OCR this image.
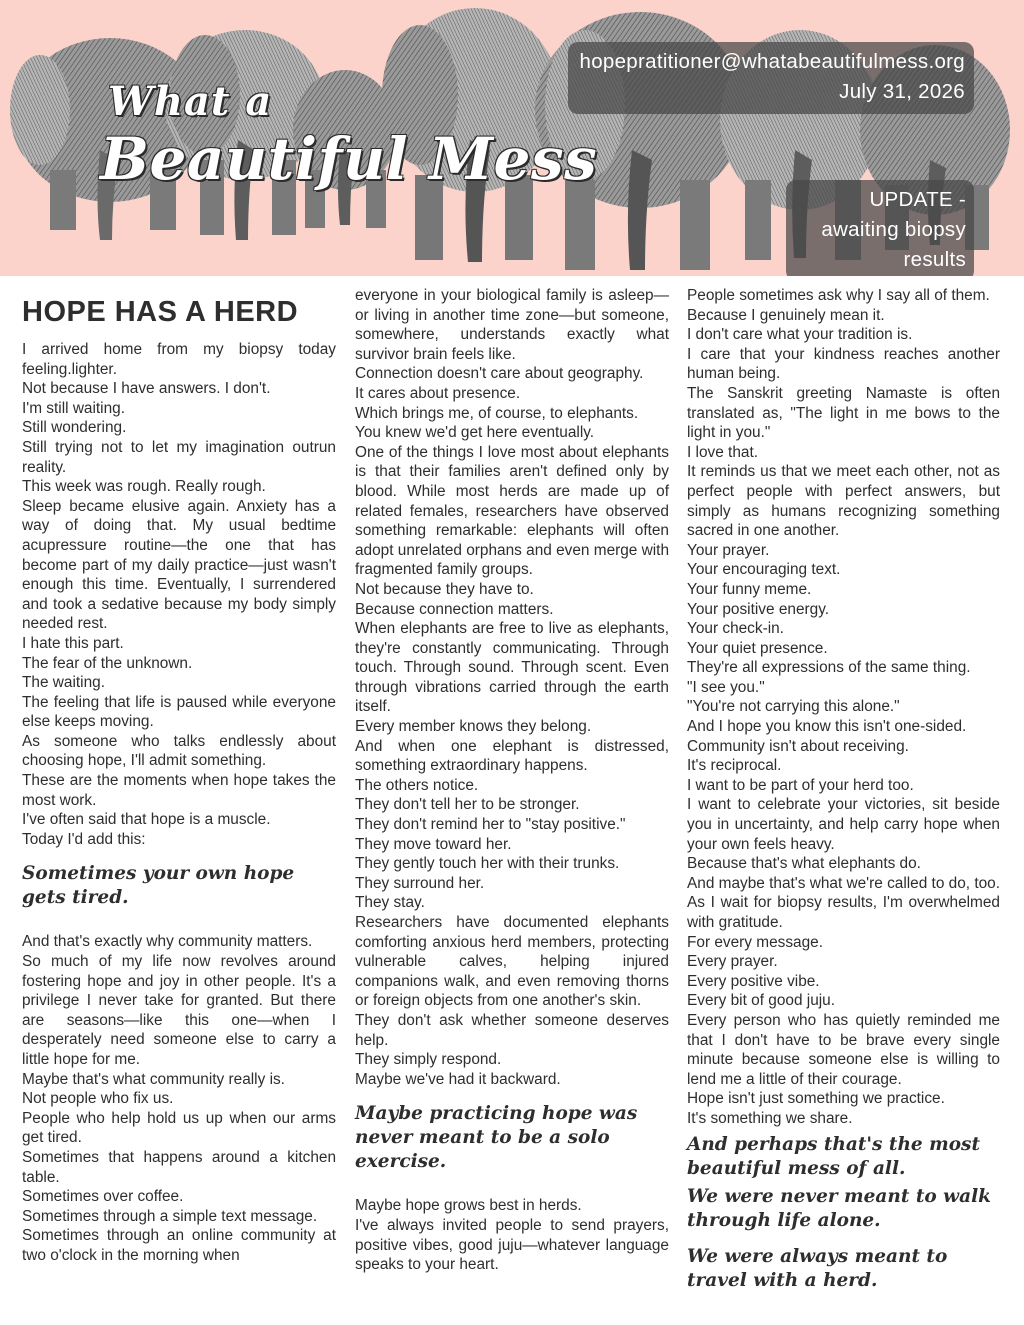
What a
Beautiful Mess
hopepratitioner@whatabeautifulmess.org
July 31, 2026
UPDATE - awaiting biopsy results
HOPE HAS A HERD

I arrived home from my biopsy today feeling.lighter.

Not because I have answers. I don't.

I'm still waiting.

Still wondering.

Still trying not to let my imagination outrun reality.

This week was rough. Really rough.

Sleep became elusive again. Anxiety has a way of doing that. My usual bedtime acupressure routine—the one that has become part of my daily practice—just wasn't enough this time. Eventually, I surrendered and took a sedative because my body simply needed rest.

I hate this part.

The fear of the unknown.

The waiting.

The feeling that life is paused while everyone else keeps moving.

As someone who talks endlessly about choosing hope, I'll admit something.

These are the moments when hope takes the most work.

I've often said that hope is a muscle.

Today I'd add this:

Sometimes your own hope gets tired.

And that's exactly why community matters.

So much of my life now revolves around fostering hope and joy in other people. It's a privilege I never take for granted. But there are seasons—like this one—when I desperately need someone else to carry a little hope for me.

Maybe that's what community really is.

Not people who fix us.

People who help hold us up when our arms get tired.

Sometimes that happens around a kitchen table.

Sometimes over coffee.

Sometimes through a simple text message.

Sometimes through an online community at two o'clock in the morning when

everyone in your biological family is asleep—or living in another time zone—but someone, somewhere, understands exactly what survivor brain feels like.

Connection doesn't care about geography.

It cares about presence.

Which brings me, of course, to elephants.

You knew we'd get here eventually.

One of the things I love most about elephants is that their families aren't defined only by blood. While most herds are made up of related females, researchers have observed something remarkable: elephants will often adopt unrelated orphans and even merge with fragmented family groups.

Not because they have to.

Because connection matters.

When elephants are free to live as elephants, they're constantly communicating. Through touch. Through sound. Through scent. Even through vibrations carried through the earth itself.

Every member knows they belong.

And when one elephant is distressed, something extraordinary happens.

The others notice.

They don't tell her to be stronger.

They don't remind her to "stay positive."

They move toward her.

They gently touch her with their trunks.

They surround her.

They stay.

Researchers have documented elephants comforting anxious herd members, protecting vulnerable calves, helping injured companions walk, and even removing thorns or foreign objects from one another's skin.

They don't ask whether someone deserves help.

They simply respond.

Maybe we've had it backward.

Maybe practicing hope was never meant to be a solo exercise.

Maybe hope grows best in herds.

I've always invited people to send prayers, positive vibes, good juju—whatever language speaks to your heart.

People sometimes ask why I say all of them.

Because I genuinely mean it.

I don't care what your tradition is.

I care that your kindness reaches another human being.

The Sanskrit greeting Namaste is often translated as, "The light in me bows to the light in you."

I love that.

It reminds us that we meet each other, not as perfect people with perfect answers, but simply as humans recognizing something sacred in one another.

Your prayer.

Your encouraging text.

Your funny meme.

Your positive energy.

Your check-in.

Your quiet presence.

They're all expressions of the same thing.

"I see you."

"You're not carrying this alone."

And I hope you know this isn't one-sided.

Community isn't about receiving.

It's reciprocal.

I want to be part of your herd too.

I want to celebrate your victories, sit beside you in uncertainty, and help carry hope when your own feels heavy.

Because that's what elephants do.

And maybe that's what we're called to do, too.

As I wait for biopsy results, I'm overwhelmed with gratitude.

For every message.

Every prayer.

Every positive vibe.

Every bit of good juju.

Every person who has quietly reminded me that I don't have to be brave every single minute because someone else is willing to lend me a little of their courage.

Hope isn't just something we practice.

It's something we share.

And perhaps that's the most beautiful mess of all.
We were never meant to walk through life alone.
We were always meant to travel with a herd.
